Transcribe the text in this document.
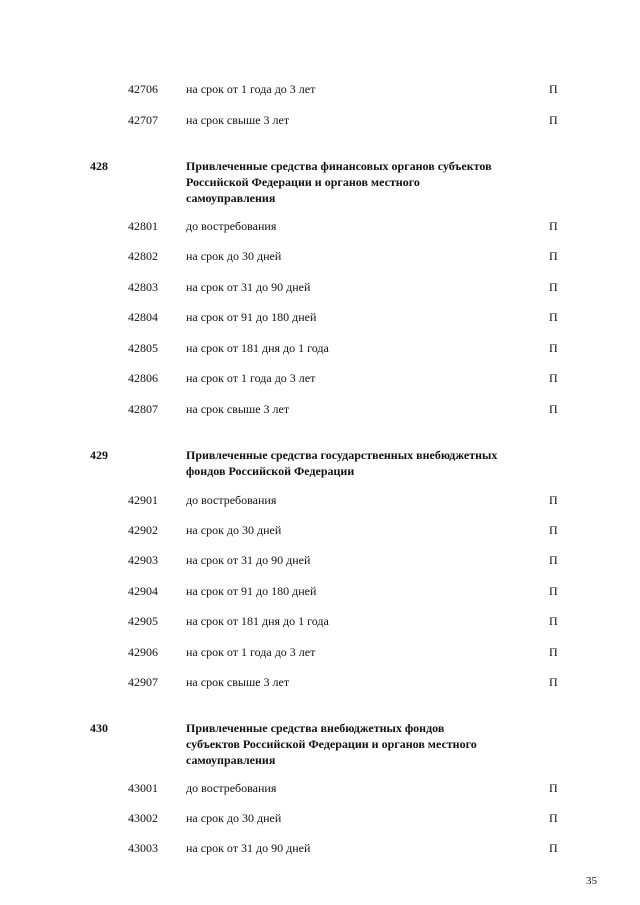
42706 на срок от 1 года до 3 лет	П
42707 на срок свыше 3 лет	П
428	Привлеченные средства финансовых органов субъектов
Российской Федерации и органов местного
самоуправления
42801 до востребования	П
42802 на срок до 30 дней	П
42803 на срок от 31 до 90 дней	П
42804 на срок от 91 до 180 дней	П
42805 на срок от 181 дня до 1 года	П
42806 на срок от 1 года до 3 лет	П
42807 на срок свыше 3 лет	П
429	Привлеченные средства государственных внебюджетных
фондов Российской Федерации
42901 до востребования	П
42902 на срок до 30 дней	П
42903 на срок от 31 до 90 дней	П
42904 на срок от 91 до 180 дней	П
42905 на срок от 181 дня до 1 года	П
42906 на срок от 1 года до 3 лет	П
42907 на срок свыше 3 лет	П
430	Привлеченные средства внебюджетных фондов
субъектов Российской Федерации и органов местного
самоуправления
43001 до востребования	П
43002 на срок до 30 дней	П
43003 на срок от 31 до 90 дней	П
35
